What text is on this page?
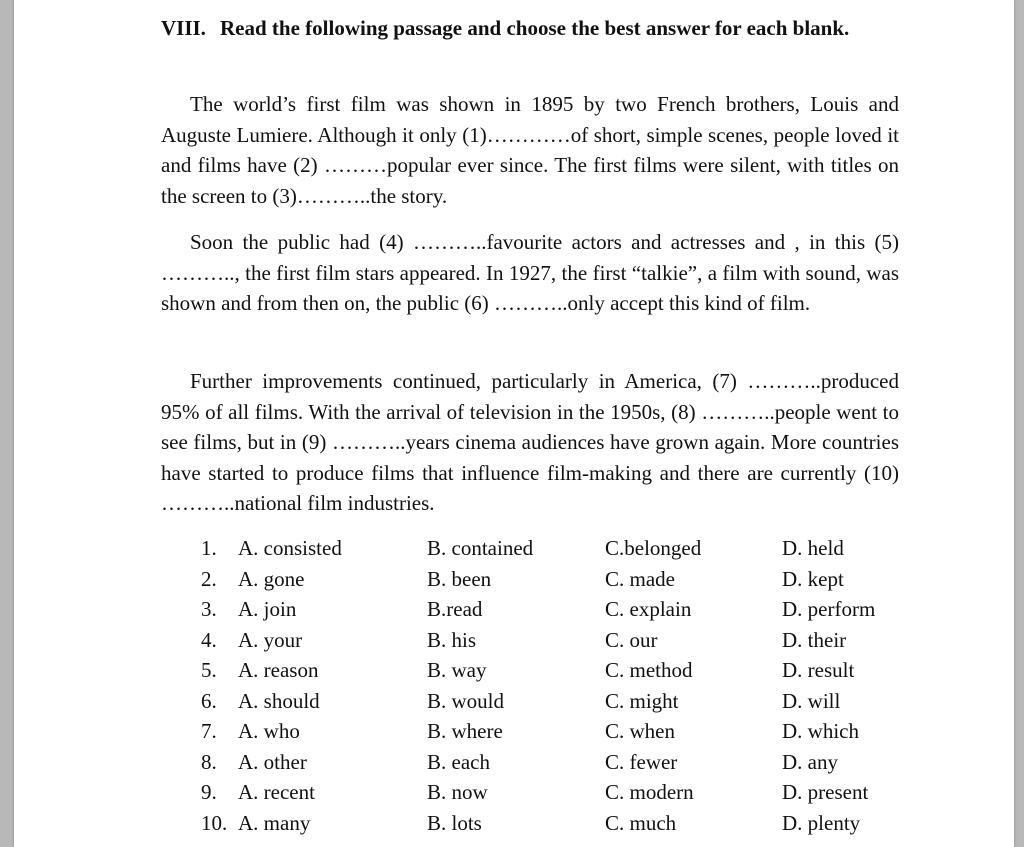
VIII. Read the following passage and choose the best answer for each blank.

The world’s first film was shown in 1895 by two French brothers, Louis and Auguste Lumiere. Although it only (1)…………of short, simple scenes, people loved it and films have (2) ………popular ever since. The first films were silent, with titles on the screen to (3)………..the story.

Soon the public had (4) ………..favourite actors and actresses and , in this (5) ……….., the first film stars appeared. In 1927, the first “talkie”, a film with sound, was shown and from then on, the public (6) ………..only accept this kind of film.

Further improvements continued, particularly in America, (7) ………..produced 95% of all films. With the arrival of television in the 1950s, (8) ………..people went to see films, but in (9) ………..years cinema audiences have grown again. More countries have started to produce films that influence film-making and there are currently (10) ………..national film industries.

1. A. consisted	B. contained	C.belonged	D. held
2. A. gone	B. been	C. made	D. kept
3. A. join	B.read	C. explain	D. perform
4. A. your	B. his	C. our	D. their
5. A. reason	B. way	C. method	D. result
6. A. should	B. would	C. might	D. will
7. A. who	B. where	C. when	D. which
8. A. other	B. each	C. fewer	D. any
9. A. recent	B. now	C. modern	D. present
10. A. many	B. lots	C. much	D. plenty
